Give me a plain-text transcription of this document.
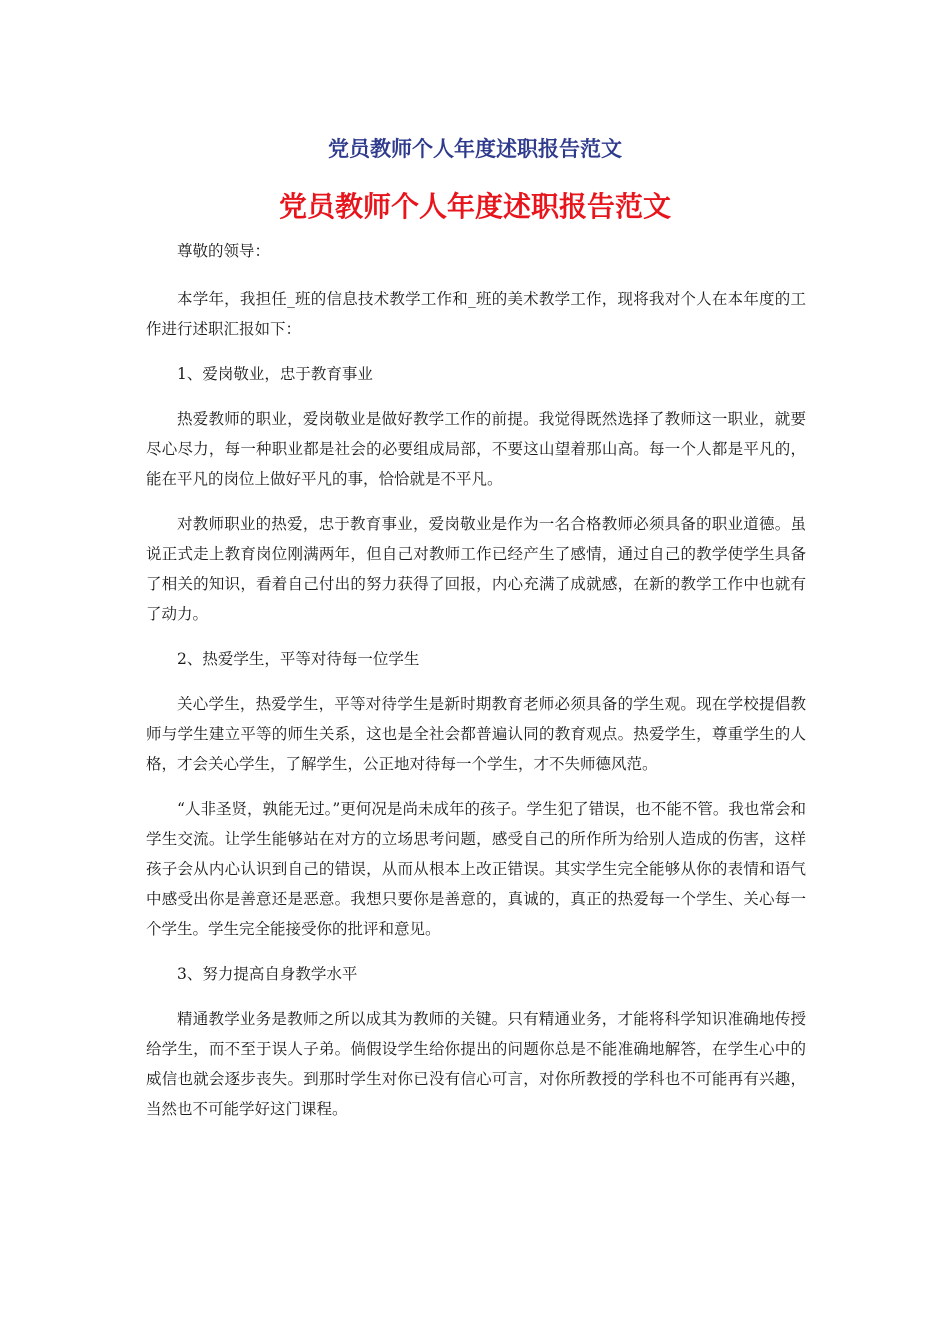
党员教师个人年度述职报告范文
党员教师个人年度述职报告范文

尊敬的领导：

本学年，我担任_班的信息技术教学工作和_班的美术教学工作，现将我对个人在本年度的工作进行述职汇报如下：

1、爱岗敬业，忠于教育事业

热爱教师的职业，爱岗敬业是做好教学工作的前提。我觉得既然选择了教师这一职业，就要尽心尽力，每一种职业都是社会的必要组成局部，不要这山望着那山高。每一个人都是平凡的，能在平凡的岗位上做好平凡的事，恰恰就是不平凡。

对教师职业的热爱，忠于教育事业，爱岗敬业是作为一名合格教师必须具备的职业道德。虽说正式走上教育岗位刚满两年，但自己对教师工作已经产生了感情，通过自己的教学使学生具备了相关的知识，看着自己付出的努力获得了回报，内心充满了成就感，在新的教学工作中也就有了动力。

2、热爱学生，平等对待每一位学生

关心学生，热爱学生，平等对待学生是新时期教育老师必须具备的学生观。现在学校提倡教师与学生建立平等的师生关系，这也是全社会都普遍认同的教育观点。热爱学生，尊重学生的人格，才会关心学生，了解学生，公正地对待每一个学生，才不失师德风范。

“人非圣贤，孰能无过。”更何况是尚未成年的孩子。学生犯了错误，也不能不管。我也常会和学生交流。让学生能够站在对方的立场思考问题，感受自己的所作所为给别人造成的伤害，这样孩子会从内心认识到自己的错误，从而从根本上改正错误。其实学生完全能够从你的表情和语气中感受出你是善意还是恶意。我想只要你是善意的，真诚的，真正的热爱每一个学生、关心每一个学生。学生完全能接受你的批评和意见。

3、努力提高自身教学水平

精通教学业务是教师之所以成其为教师的关键。只有精通业务，才能将科学知识准确地传授给学生，而不至于误人子弟。倘假设学生给你提出的问题你总是不能准确地解答，在学生心中的威信也就会逐步丧失。到那时学生对你已没有信心可言，对你所教授的学科也不可能再有兴趣，当然也不可能学好这门课程。
